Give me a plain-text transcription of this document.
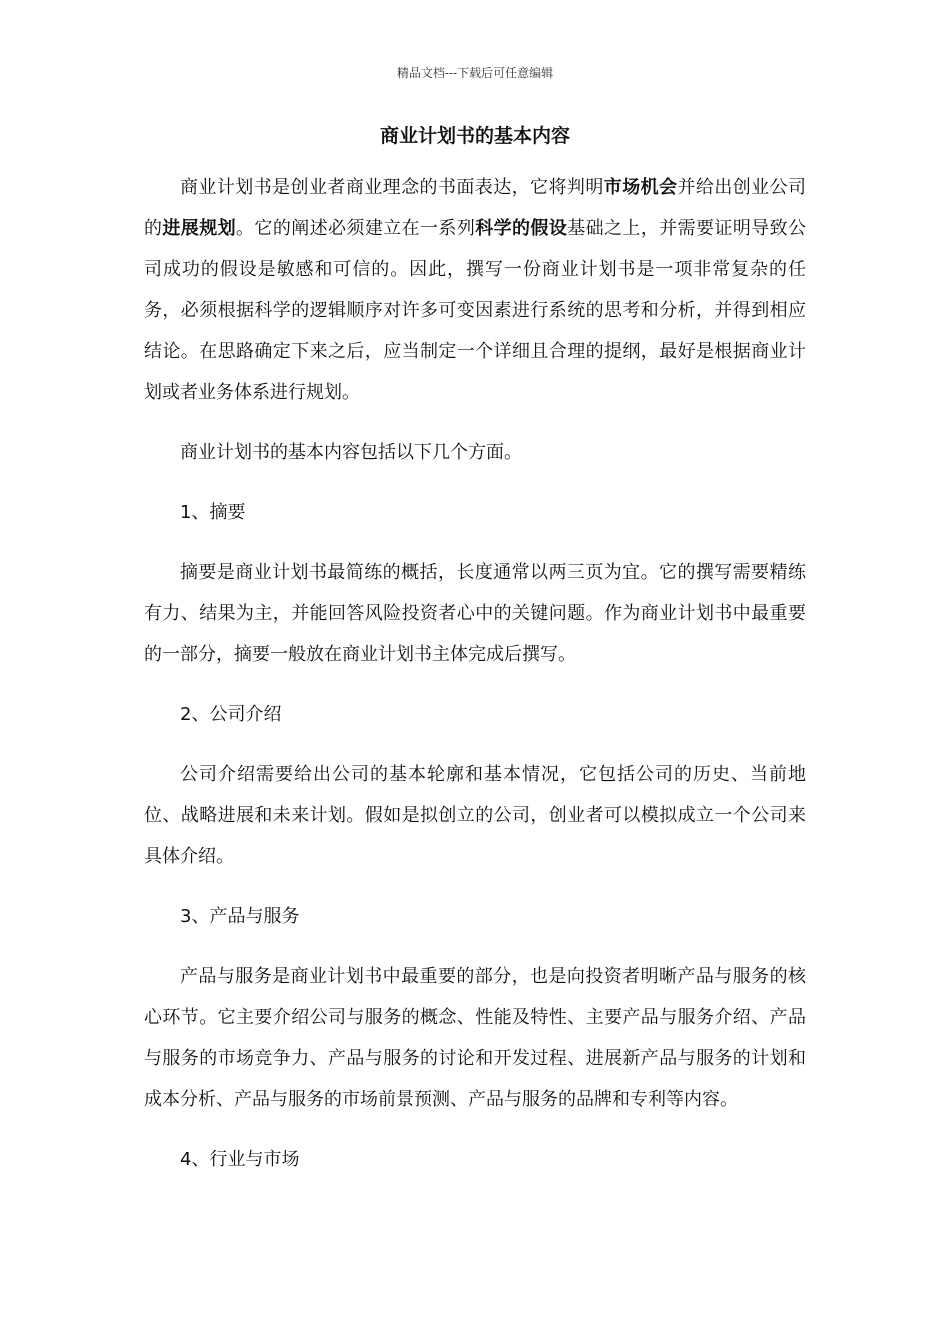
精品文档---下载后可任意编辑
商业计划书的基本内容

商业计划书是创业者商业理念的书面表达，它将判明市场机会并给出创业公司的进展规划。它的阐述必须建立在一系列科学的假设基础之上，并需要证明导致公司成功的假设是敏感和可信的。因此，撰写一份商业计划书是一项非常复杂的任务，必须根据科学的逻辑顺序对许多可变因素进行系统的思考和分析，并得到相应结论。在思路确定下来之后，应当制定一个详细且合理的提纲，最好是根据商业计划或者业务体系进行规划。

商业计划书的基本内容包括以下几个方面。

1、摘要

摘要是商业计划书最简练的概括，长度通常以两三页为宜。它的撰写需要精练有力、结果为主，并能回答风险投资者心中的关键问题。作为商业计划书中最重要的一部分，摘要一般放在商业计划书主体完成后撰写。

2、公司介绍

公司介绍需要给出公司的基本轮廓和基本情况，它包括公司的历史、当前地位、战略进展和未来计划。假如是拟创立的公司，创业者可以模拟成立一个公司来具体介绍。

3、产品与服务

产品与服务是商业计划书中最重要的部分，也是向投资者明晰产品与服务的核心环节。它主要介绍公司与服务的概念、性能及特性、主要产品与服务介绍、产品与服务的市场竞争力、产品与服务的讨论和开发过程、进展新产品与服务的计划和成本分析、产品与服务的市场前景预测、产品与服务的品牌和专利等内容。

4、行业与市场
